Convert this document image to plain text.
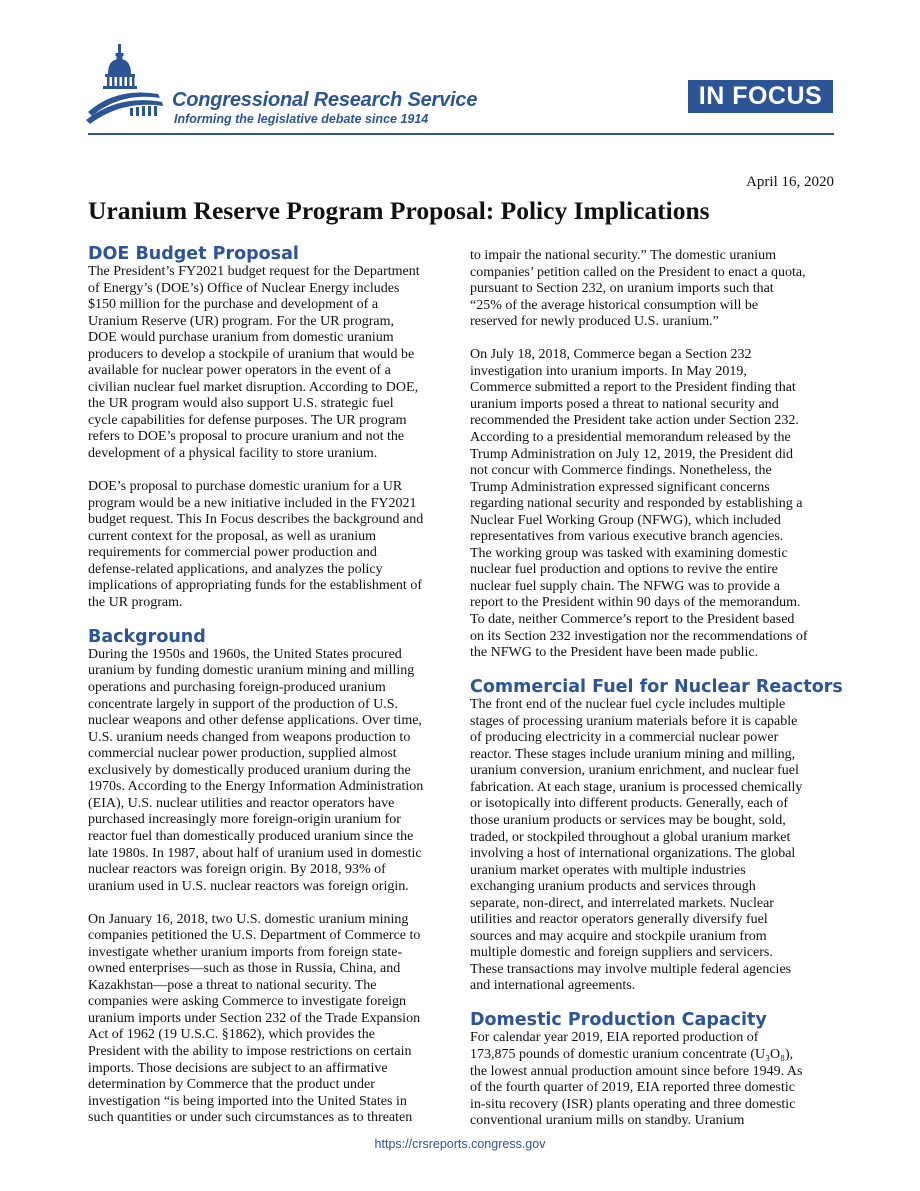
Congressional Research Service
Informing the legislative debate since 1914
IN FOCUS
April 16, 2020
Uranium Reserve Program Proposal: Policy Implications
DOE Budget Proposal

The President’s FY2021 budget request for the Department
of Energy’s (DOE’s) Office of Nuclear Energy includes
$150 million for the purchase and development of a
Uranium Reserve (UR) program. For the UR program,
DOE would purchase uranium from domestic uranium
producers to develop a stockpile of uranium that would be
available for nuclear power operators in the event of a
civilian nuclear fuel market disruption. According to DOE,
the UR program would also support U.S. strategic fuel
cycle capabilities for defense purposes. The UR program
refers to DOE’s proposal to procure uranium and not the
development of a physical facility to store uranium.

DOE’s proposal to purchase domestic uranium for a UR
program would be a new initiative included in the FY2021
budget request. This In Focus describes the background and
current context for the proposal, as well as uranium
requirements for commercial power production and
defense-related applications, and analyzes the policy
implications of appropriating funds for the establishment of
the UR program.

Background

During the 1950s and 1960s, the United States procured
uranium by funding domestic uranium mining and milling
operations and purchasing foreign-produced uranium
concentrate largely in support of the production of U.S.
nuclear weapons and other defense applications. Over time,
U.S. uranium needs changed from weapons production to
commercial nuclear power production, supplied almost
exclusively by domestically produced uranium during the
1970s. According to the Energy Information Administration
(EIA), U.S. nuclear utilities and reactor operators have
purchased increasingly more foreign-origin uranium for
reactor fuel than domestically produced uranium since the
late 1980s. In 1987, about half of uranium used in domestic
nuclear reactors was foreign origin. By 2018, 93% of
uranium used in U.S. nuclear reactors was foreign origin.

On January 16, 2018, two U.S. domestic uranium mining
companies petitioned the U.S. Department of Commerce to
investigate whether uranium imports from foreign state-
owned enterprises—such as those in Russia, China, and
Kazakhstan—pose a threat to national security. The
companies were asking Commerce to investigate foreign
uranium imports under Section 232 of the Trade Expansion
Act of 1962 (19 U.S.C. §1862), which provides the
President with the ability to impose restrictions on certain
imports. Those decisions are subject to an affirmative
determination by Commerce that the product under
investigation “is being imported into the United States in
such quantities or under such circumstances as to threaten

to impair the national security.” The domestic uranium
companies’ petition called on the President to enact a quota,
pursuant to Section 232, on uranium imports such that
“25% of the average historical consumption will be
reserved for newly produced U.S. uranium.”

On July 18, 2018, Commerce began a Section 232
investigation into uranium imports. In May 2019,
Commerce submitted a report to the President finding that
uranium imports posed a threat to national security and
recommended the President take action under Section 232.
According to a presidential memorandum released by the
Trump Administration on July 12, 2019, the President did
not concur with Commerce findings. Nonetheless, the
Trump Administration expressed significant concerns
regarding national security and responded by establishing a
Nuclear Fuel Working Group (NFWG), which included
representatives from various executive branch agencies.
The working group was tasked with examining domestic
nuclear fuel production and options to revive the entire
nuclear fuel supply chain. The NFWG was to provide a
report to the President within 90 days of the memorandum.
To date, neither Commerce’s report to the President based
on its Section 232 investigation nor the recommendations of
the NFWG to the President have been made public.

Commercial Fuel for Nuclear Reactors

The front end of the nuclear fuel cycle includes multiple
stages of processing uranium materials before it is capable
of producing electricity in a commercial nuclear power
reactor. These stages include uranium mining and milling,
uranium conversion, uranium enrichment, and nuclear fuel
fabrication. At each stage, uranium is processed chemically
or isotopically into different products. Generally, each of
those uranium products or services may be bought, sold,
traded, or stockpiled throughout a global uranium market
involving a host of international organizations. The global
uranium market operates with multiple industries
exchanging uranium products and services through
separate, non-direct, and interrelated markets. Nuclear
utilities and reactor operators generally diversify fuel
sources and may acquire and stockpile uranium from
multiple domestic and foreign suppliers and servicers.
These transactions may involve multiple federal agencies
and international agreements.

Domestic Production Capacity

For calendar year 2019, EIA reported production of
173,875 pounds of domestic uranium concentrate (U₃O₈),
the lowest annual production amount since before 1949. As
of the fourth quarter of 2019, EIA reported three domestic
in-situ recovery (ISR) plants operating and three domestic
conventional uranium mills on standby. Uranium

https://crsreports.congress.gov
